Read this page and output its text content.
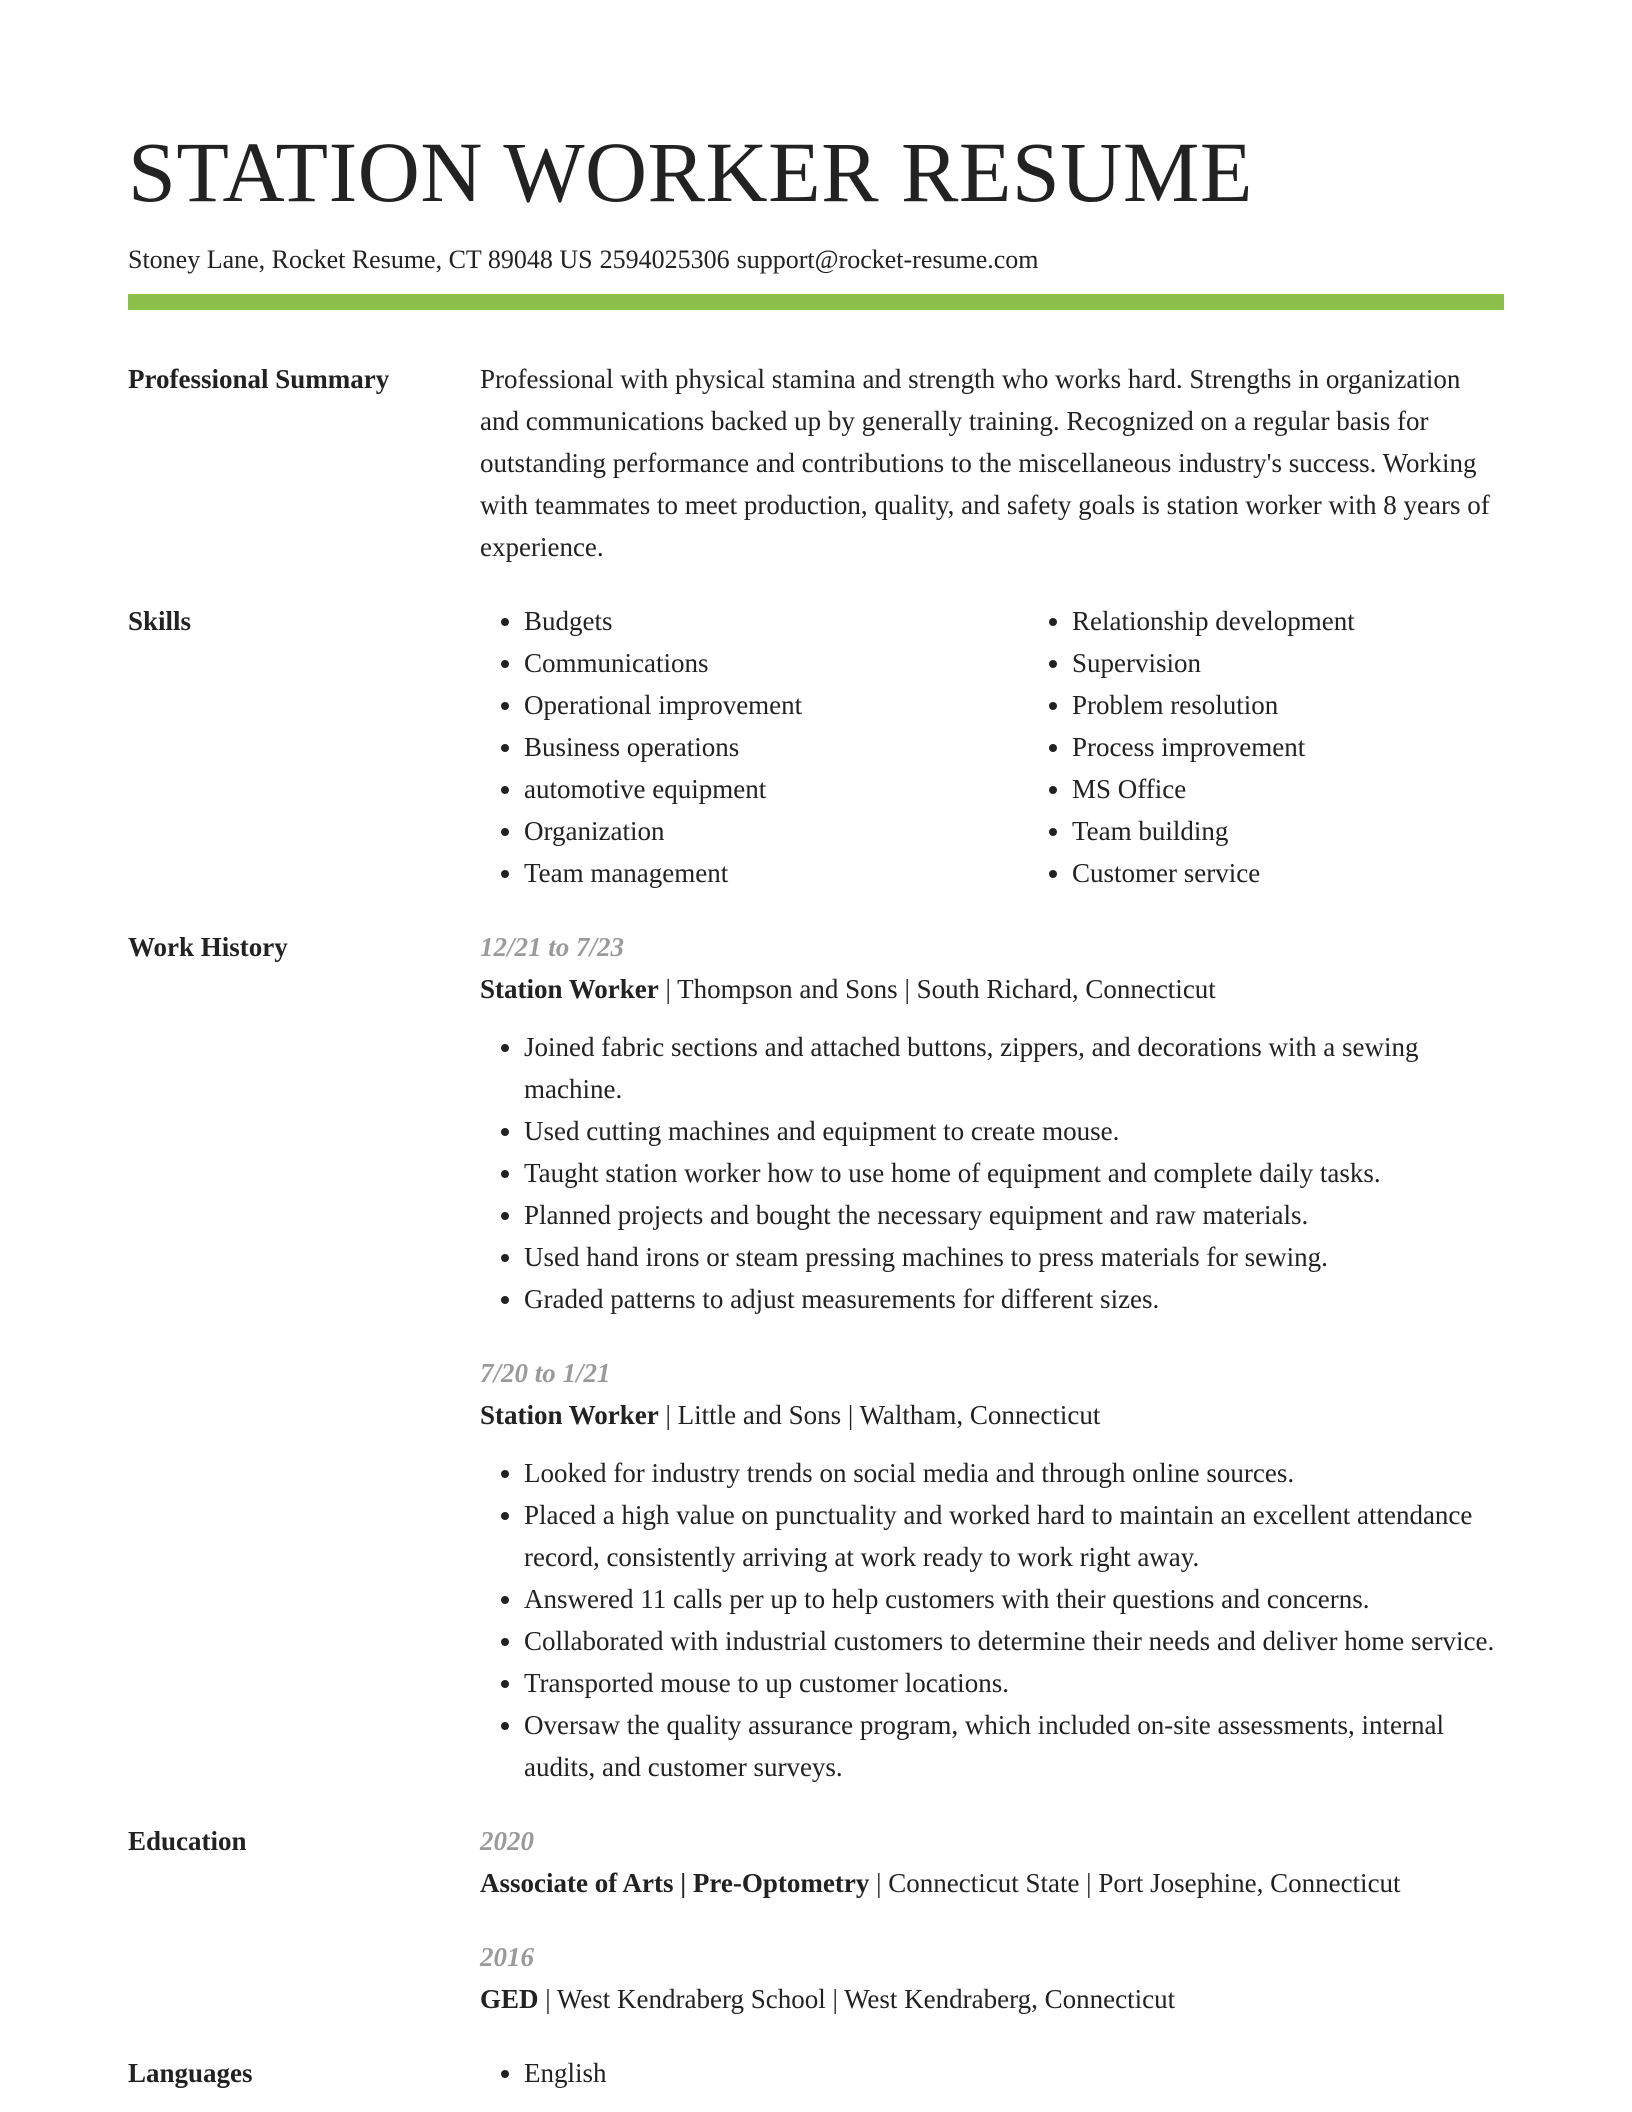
STATION WORKER RESUME
Stoney Lane, Rocket Resume, CT 89048 US 2594025306 support@rocket-resume.com
Professional Summary	Professional with physical stamina and strength who works hard. Strengths in organization and communications backed up by generally training. Recognized on a regular basis for outstanding performance and contributions to the miscellaneous industry's success. Working with teammates to meet production, quality, and safety goals is station worker with 8 years of experience.

Skills	• Budgets
• Communications
• Operational improvement
• Business operations
• automotive equipment
• Organization
• Team management
• Relationship development
• Supervision
• Problem resolution
• Process improvement
• MS Office
• Team building
• Customer service
Work History	12/21 to 7/23
Station Worker | Thompson and Sons | South Richard, Connecticut
• Joined fabric sections and attached buttons, zippers, and decorations with a sewing machine.
• Used cutting machines and equipment to create mouse.
• Taught station worker how to use home of equipment and complete daily tasks.
• Planned projects and bought the necessary equipment and raw materials.
• Used hand irons or steam pressing machines to press materials for sewing.
• Graded patterns to adjust measurements for different sizes.
7/20 to 1/21
Station Worker | Little and Sons | Waltham, Connecticut
• Looked for industry trends on social media and through online sources.
• Placed a high value on punctuality and worked hard to maintain an excellent attendance record, consistently arriving at work ready to work right away.
• Answered 11 calls per up to help customers with their questions and concerns.
• Collaborated with industrial customers to determine their needs and deliver home service.
• Transported mouse to up customer locations.
• Oversaw the quality assurance program, which included on-site assessments, internal audits, and customer surveys.
Education	2020
Associate of Arts | Pre-Optometry | Connecticut State | Port Josephine, Connecticut
2016
GED | West Kendraberg School | West Kendraberg, Connecticut
Languages	• English
